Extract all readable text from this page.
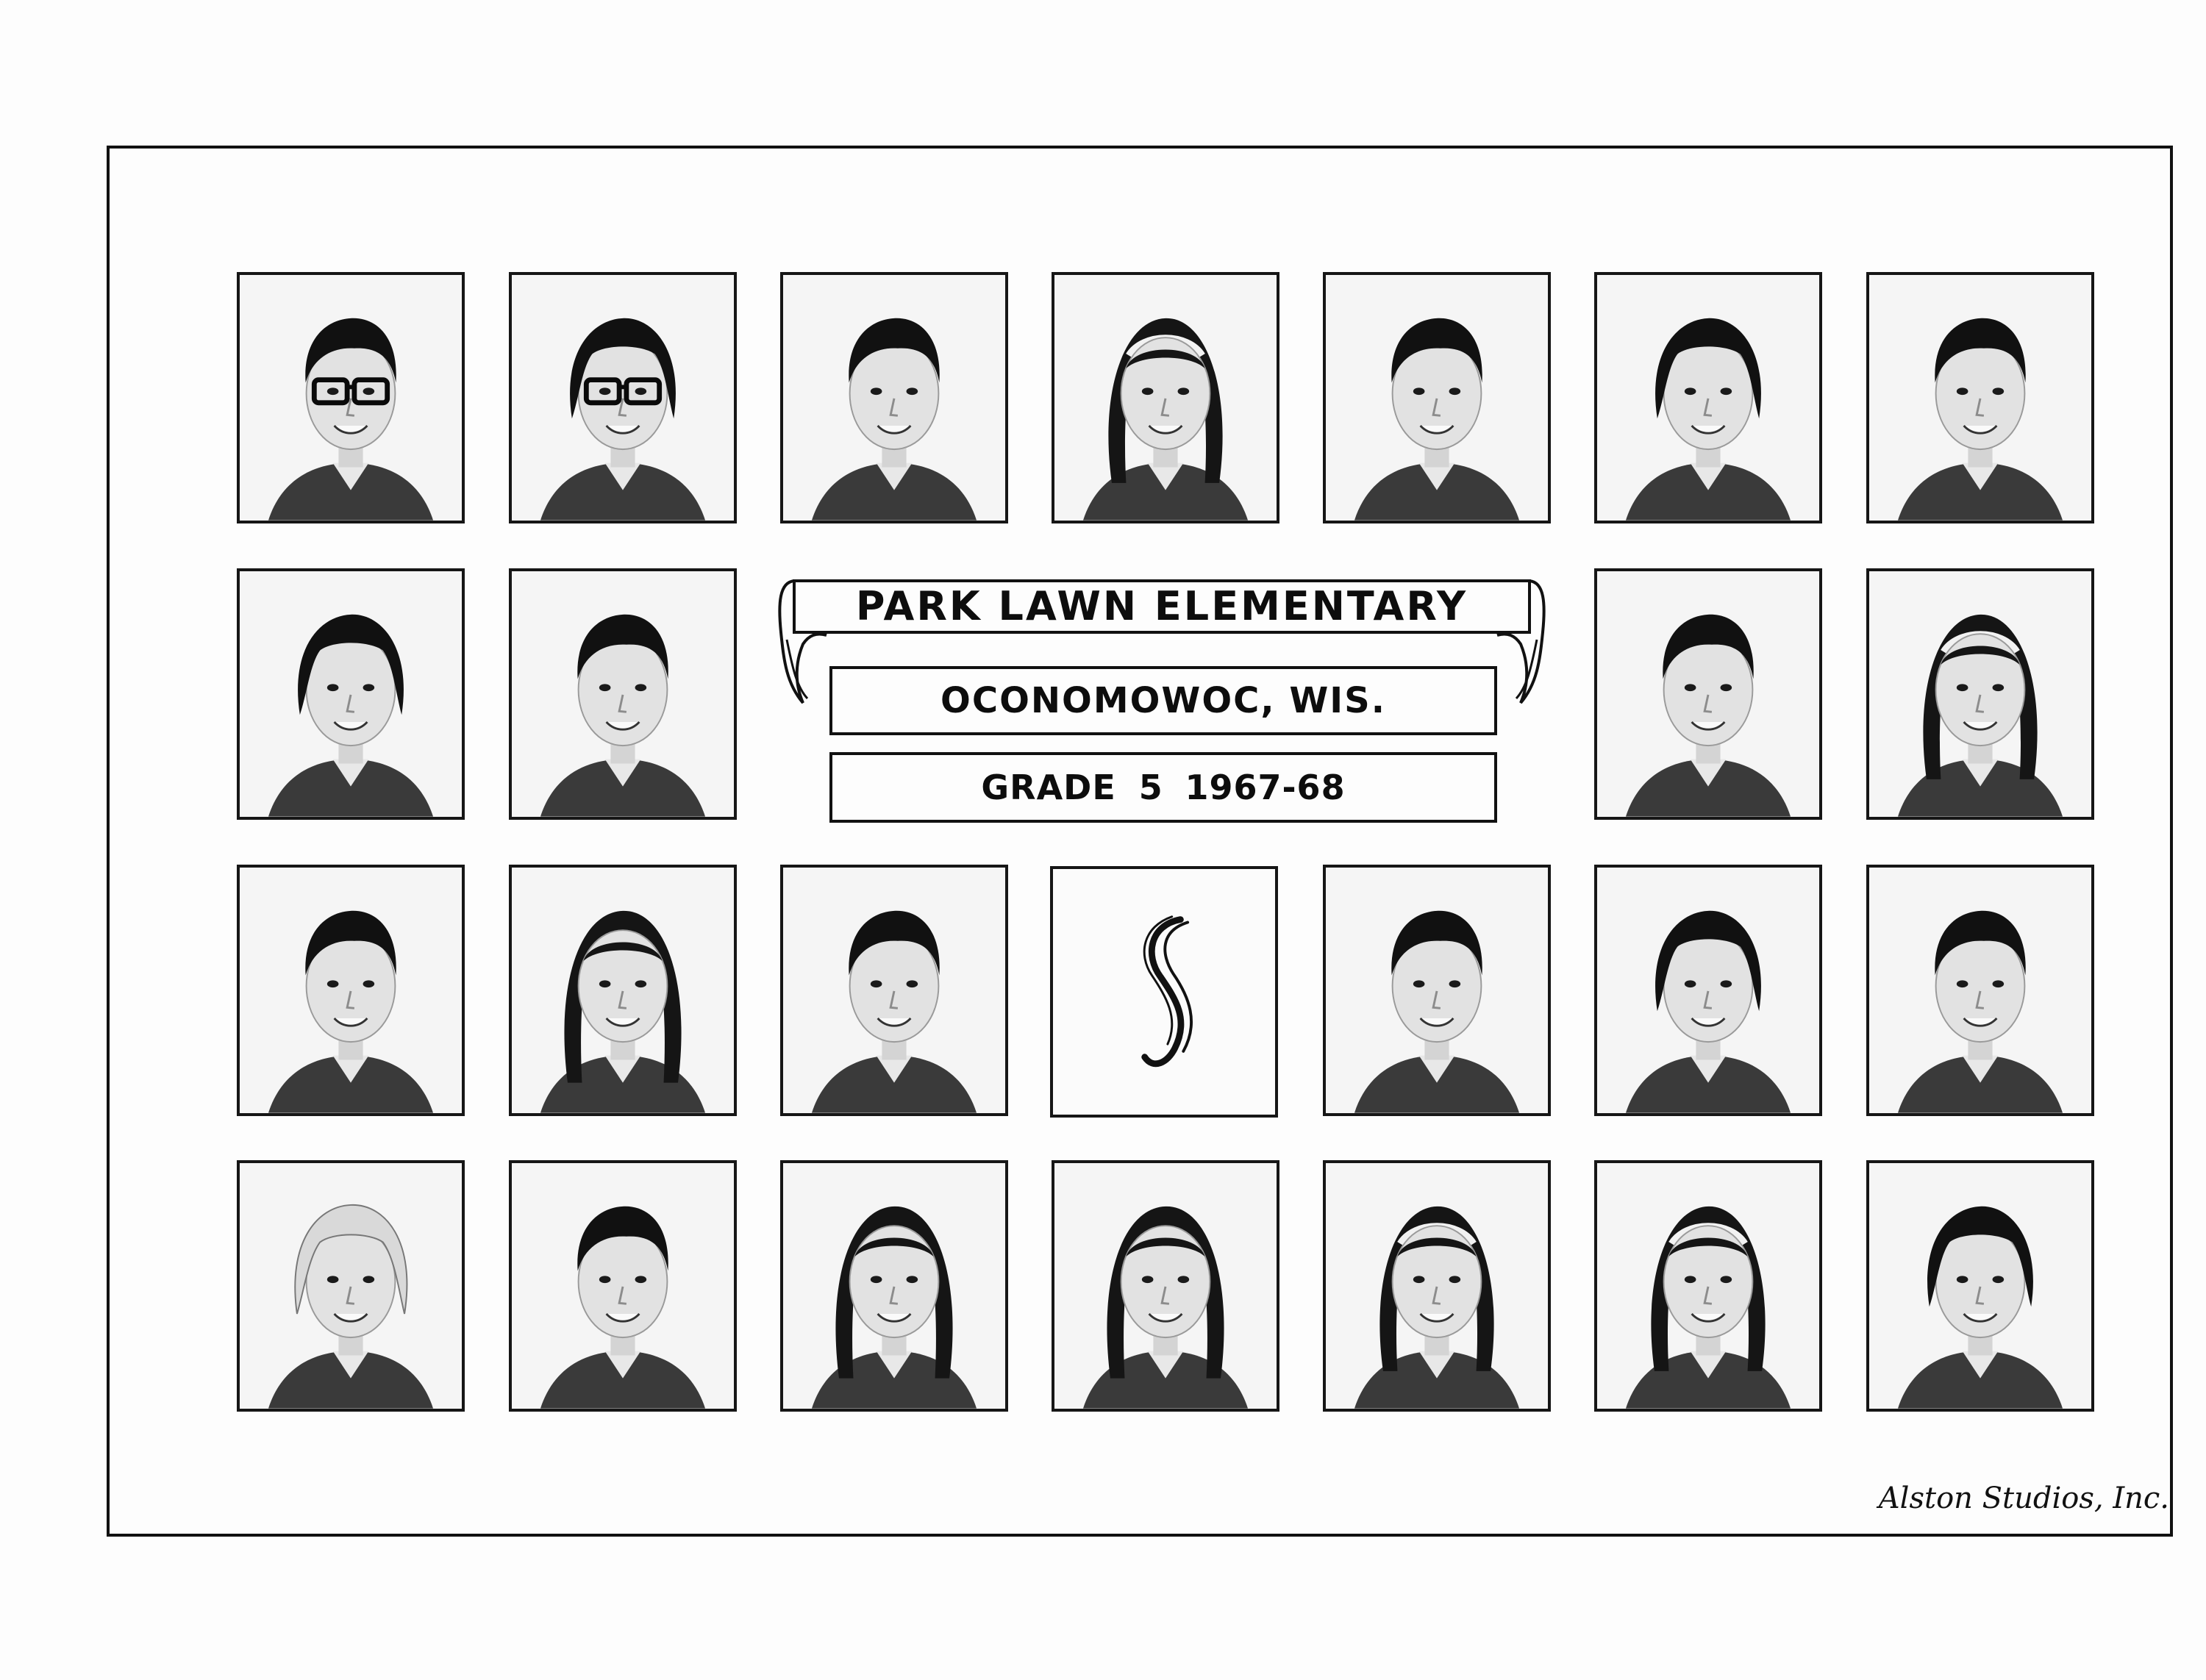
PARK LAWN ELEMENTARY
OCONOMOWOC, WIS.
GRADE 5 1967-68
Alston Studios, Inc.
